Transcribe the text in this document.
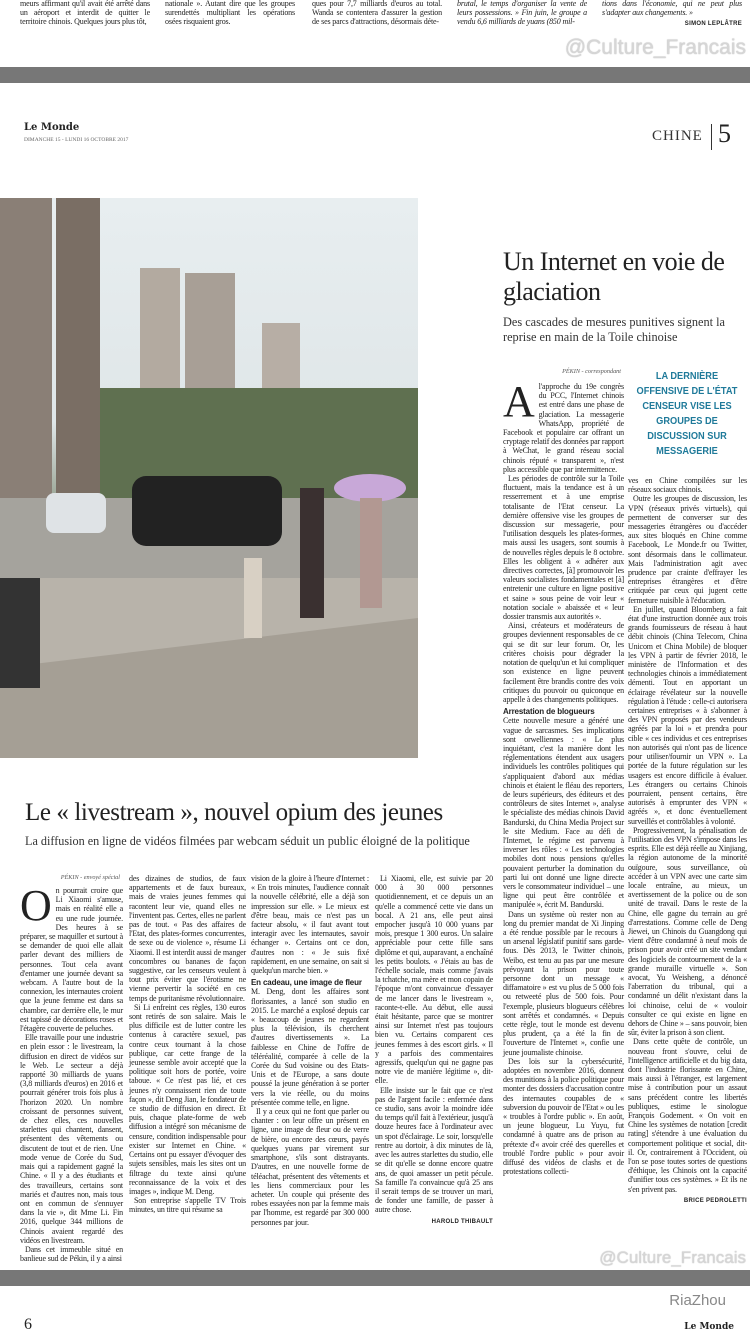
meurs affirmant qu'il avait été arrêté dans un aéroport et interdit de quitter le territoire chinois. Quelques jours plus tôt,
nationale ». Autant dire que les groupes surendettés multipliant les opérations osées risquaient gros.
ques pour 7,7 milliards d'euros au total. Wanda se contentera d'assurer la gestion de ses parcs d'attractions, désormais déte-
brutal, le temps d'organiser la vente de leurs possessions. » Fin juin, le groupe a vendu 6,6 milliards de yuans (850 mil-
tions dans l'économie, qui ne peut plus s'adapter aux changements. »
SIMON LEPLÂTRE
@Culture_Francais
Le Monde
DIMANCHE 15 - LUNDI 16 OCTOBRE 2017	CHINE 5
Un Internet en voie de glaciation
Des cascades de mesures punitives signent la reprise en main de la Toile chinoise
PÉKIN - correspondant	LA DERNIÈRE OFFENSIVE DE L'ÉTAT CENSEUR VISE LES GROUPES DE DISCUSSION SUR MESSAGERIE
A l'approche du 19e congrès du PCC, l'Internet chinois est entré dans une phase de glaciation. La messagerie WhatsApp, propriété de Facebook et populaire car offrant un cryptage relatif des données par rapport à WeChat, le grand réseau social chinois réputé « transparent », n'est plus accessible que par intermittence.

Les périodes de contrôle sur la Toile fluctuent, mais la tendance est à un resserrement et à une emprise totalisante de l'Etat censeur. La dernière offensive vise les groupes de discussion sur messagerie, pour l'utilisation desquels les plates-formes, mais aussi les usagers, sont soumis à de nouvelles règles depuis le 8 octobre. Elles les obligent à « adhérer aux directives correctes, [à] promouvoir les valeurs socialistes fondamentales et [à] entretenir une culture en ligne positive et saine » sous peine de voir leur « notation sociale » abaissée et « leur dossier transmis aux autorités ».

Ainsi, créateurs et modérateurs de groupes deviennent responsables de ce qui se dit sur leur forum. Or, les critères choisis pour dégrader la notation de quelqu'un et lui compliquer son existence en ligne peuvent facilement être brandis contre des voix critiques du pouvoir ou quiconque en appelle à des changements politiques.

Arrestation de blogueurs

Cette nouvelle mesure a généré une vague de sarcasmes. Ses implications sont orwelliennes : « Le plus inquiétant, c'est la manière dont les réglementations étendent aux usagers individuels les contrôles politiques qui s'appliquaient d'abord aux médias chinois et étaient le fléau des reporters, de leurs supérieurs, des éditeurs et des contrôleurs de sites Internet », analyse le spécialiste des médias chinois David Bandurski, du China Media Project sur le site Medium. Face au défi de l'Internet, le régime est parvenu à inverser les rôles : « Les technologies mobiles dont nous pensions qu'elles pouvaient perturber la domination du parti lui ont donné une ligne directe vers le consommateur individuel – une ligne qui peut être contrôlée et manipulée », écrit M. Bandurski.

Dans un système où rester non au long du premier mandat de Xi Jinping a été rendue possible par le recours à un arsenal législatif punitif sans garde-fous. Dès 2013, le Twitter chinois, Weibo, est tenu au pas par une mesure prévoyant la prison pour toute personne dont un message « diffamatoire » est vu plus de 5 000 fois ou retweeté plus de 500 fois. Pour l'exemple, plusieurs blogueurs célèbres sont arrêtés et condamnés. « Depuis cette règle, tout le monde est devenu plus prudent, ça a été la fin de l'ouverture de l'Internet », confie une jeune journaliste chinoise.

Des lois sur la cybersécurité, adoptées en novembre 2016, donnent des munitions à la police politique pour monter des dossiers d'accusation contre des internautes coupables de « subversion du pouvoir de l'Etat » ou les « troubles à l'ordre public ». En août, un jeune blogueur, Lu Yuyu, fut condamné à quatre ans de prison au prétexte d'« avoir créé des querelles et troublé l'ordre public » pour avoir diffusé des vidéos de clashs et de protestations collecti-

ves en Chine compilées sur les réseaux sociaux chinois.

Outre les groupes de discussion, les VPN (réseaux privés virtuels), qui permettent de converser sur des messageries étrangères ou d'accéder aux sites bloqués en Chine comme Facebook, Le Monde.fr ou Twitter, sont désormais dans le collimateur. Mais l'administration agit avec prudence par crainte d'effrayer les entreprises étrangères et d'être critiquée par ceux qui jugent cette fermeture nuisible à l'éducation.

En juillet, quand Bloomberg a fait état d'une instruction donnée aux trois grands fournisseurs de réseau à haut débit chinois (China Telecom, China Unicom et China Mobile) de bloquer les VPN à partir de février 2018, le ministère de l'Information et des technologies chinois a immédiatement démenti. Tout en apportant un éclairage révélateur sur la nouvelle régulation à l'étude : celle-ci autorisera certaines entreprises « à s'abonner à des VPN proposés par des vendeurs agréés par la loi » et prendra pour cible « ces individus et ces entreprises non autorisés qui n'ont pas de licence pour utiliser/fournir un VPN ». La portée de la future régulation sur les usagers est encore difficile à évaluer. Les étrangers ou certains Chinois pourraient, pensent certains, être autorisés à emprunter des VPN « agréés », et donc éventuellement surveillés et contrôlables à volonté.

Progressivement, la pénalisation de l'utilisation des VPN s'impose dans les esprits. Elle est déjà réelle au Xinjiang, la région autonome de la minorité ouïgoure, sous surveillance, où accéder à un VPN avec une carte sim locale entraîne, au mieux, un avertissement de la police ou de son unité de travail. Dans le reste de la Chine, elle gagne du terrain au gré d'arrestations. Comme celle de Deng Jiewei, un Chinois du Guangdong qui vient d'être condamné à neuf mois de prison pour avoir créé un site vendant des logiciels de contournement de la « grande muraille virtuelle ». Son avocat, Yu Weisheng, a dénoncé l'aberration du tribunal, qui a condamné un délit n'existant dans la loi chinoise, celui de « vouloir consulter ce qui existe en ligne en dehors de Chine » – sans pouvoir, bien sûr, éviter la prison à son client.

Dans cette quête de contrôle, un nouveau front s'ouvre, celui de l'intelligence artificielle et du big data, dont l'industrie florissante en Chine, mais aussi à l'étranger, est largement mise à contribution pour un assaut sans précédent contre les libertés publiques, estime le sinologue François Godement. « On voit en Chine les systèmes de notation [credit rating] s'étendre à une évaluation du comportement politique et social, dit-il. Or, contrairement à l'Occident, où l'on se pose toutes sortes de questions d'éthique, les Chinois ont la capacité d'unifier tous ces systèmes. » Et ils ne s'en privent pas.

BRICE PEDROLETTI
Le « livestream », nouvel opium des jeunes
La diffusion en ligne de vidéos filmées par webcam séduit un public éloigné de la politique
PÉKIN - envoyé spécial
O n pourrait croire que Li Xiaomi s'amuse, mais en réalité elle a eu une rude journée. Des heures à se préparer, se maquiller et surtout à se demander de quoi elle allait parler devant des milliers de personnes. Tout cela avant d'entamer une journée devant sa webcam. A l'autre bout de la connexion, les internautes croient que la jeune femme est dans sa chambre, car derrière elle, le mur est tapissé de décorations roses et l'étagère couverte de peluches.

Elle travaille pour une industrie en plein essor : le livestream, la diffusion en direct de vidéos sur le Web. Le secteur a déjà rapporté 30 milliards de yuans (3,8 milliards d'euros) en 2016 et pourrait générer trois fois plus à l'horizon 2020. Un nombre croissant de personnes suivent, de chez elles, ces nouvelles starlettes qui chantent, dansent, présentent des vêtements ou discutent de tout et de rien. Une mode venue de Corée du Sud, mais qui a rapidement gagné la Chine. « Il y a des étudiants et des travailleurs, certains sont mariés et d'autres non, mais tous ont en commun de s'ennuyer dans la vie », dit Mme Li. Fin 2016, quelque 344 millions de Chinois avaient regardé des vidéos en livestream.

Dans cet immeuble situé en banlieue sud de Pékin, il y a ainsi

des dizaines de studios, de faux appartements et de faux bureaux, mais de vraies jeunes femmes qui racontent leur vie, quand elles ne l'inventent pas. Certes, elles ne parlent pas de tout. « Pas des affaires de l'Etat, des plates-formes concurrentes, de sexe ou de violence », résume Li Xiaomi. Il est interdit aussi de manger concombres ou bananes de façon suggestive, car les censeurs veulent à tout prix éviter que l'érotisme ne vienne pervertir la société en ces temps de puritanisme révolutionnaire.

Si Li enfreint ces règles, 130 euros sont retirés de son salaire. Mais le plus difficile est de lutter contre les contenus à caractère sexuel, pas contre ceux tournant à la chose publique, car cette frange de la jeunesse semble avoir accepté que la politique soit hors de portée, voire taboue. « Ce n'est pas lié, et ces jeunes n'y connaissent rien de toute façon », dit Deng Jian, le fondateur de ce studio de diffusion en direct. Et puis, chaque plate-forme de web diffusion a intégré son mécanisme de censure, condition indispensable pour exister sur Internet en Chine. « Certains ont pu essayer d'évoquer des sujets sensibles, mais les sites ont un filtrage du texte ainsi qu'une reconnaissance de la voix et des images », indique M. Deng.

Son entreprise s'appelle TV Trois minutes, un titre qui résume sa

vision de la gloire à l'heure d'Internet : « En trois minutes, l'audience connaît la nouvelle célébrité, elle a déjà son impression sur elle. » Le mieux est d'être beau, mais ce n'est pas un facteur absolu, « il faut avant tout interagir avec les internautes, savoir échanger ». Certains ont ce don, d'autres non : « Je suis fixé rapidement, en une semaine, on sait si quelqu'un marche bien. »

En cadeau, une image de fleur

M. Deng, dont les affaires sont florissantes, a lancé son studio en 2015. Le marché a explosé depuis car « beaucoup de jeunes ne regardent plus la télévision, ils cherchent d'autres divertissements ». La faiblesse en Chine de l'offre de téléréalité, comparée à celle de la Corée du Sud voisine ou des Etats-Unis et de l'Europe, a sans doute poussé la jeune génération à se porter vers la vie réelle, ou du moins présentée comme telle, en ligne.

Il y a ceux qui ne font que parler ou chanter : on leur offre un présent en ligne, une image de fleur ou de verre de bière, ou encore des cœurs, payés quelques yuans par virement sur smartphone, s'ils sont distrayants. D'autres, en une nouvelle forme de téléachat, présentent des vêtements et les liens commerciaux pour les acheter. Un couple qui présente des robes essayées non par la femme mais par l'homme, est regardé par 300 000 personnes par jour.

Li Xiaomi, elle, est suivie par 20 000 à 30 000 personnes quotidiennement, et ce depuis un an qu'elle a commencé cette vie dans un bocal. A 21 ans, elle peut ainsi empocher jusqu'à 10 000 yuans par mois, presque 1 300 euros. Un salaire appréciable pour cette fille sans diplôme et qui, auparavant, a enchaîné les petits boulots. « J'étais au bas de l'échelle sociale, mais comme j'avais la tchatche, ma mère et mon copain de l'époque m'ont convaincue d'essayer de me lancer dans le livestream », raconte-t-elle. Au début, elle aussi était hésitante, parce que se montrer ainsi sur Internet n'est pas toujours bien vu. Certains comparent ces jeunes femmes à des escort girls. « Il y a parfois des commentaires agressifs, quelqu'un qui ne gagne pas notre vie de manière légitime », dit-elle.

Elle insiste sur le fait que ce n'est pas de l'argent facile : enfermée dans ce studio, sans avoir la moindre idée du temps qu'il fait à l'extérieur, jusqu'à douze heures face à l'ordinateur avec un spot d'éclairage. Le soir, lorsqu'elle rentre au dortoir, à dix minutes de là, avec les autres starlettes du studio, elle se dit qu'elle se donne encore quatre ans, de quoi amasser un petit pécule. Sa famille l'a convaincue qu'à 25 ans il serait temps de se trouver un mari, de fonder une famille, de passer à autre chose.

HAROLD THIBAULT
@Culture_Francais
RiaZhou
6	Le Monde
